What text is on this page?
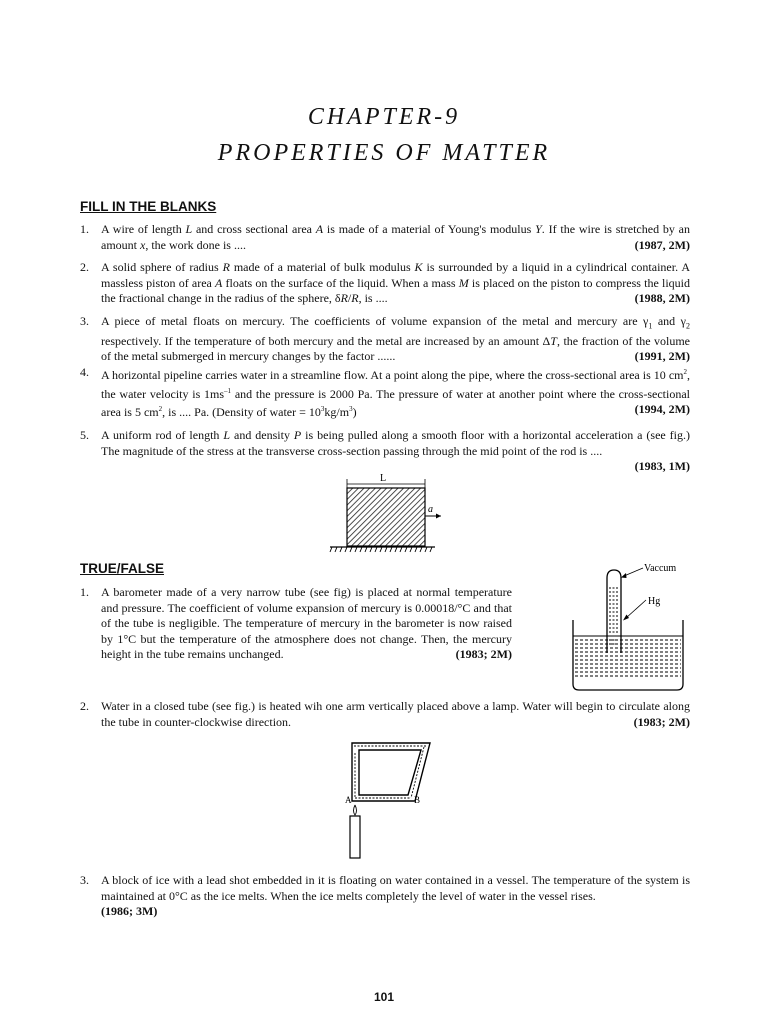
CHAPTER-9
PROPERTIES OF MATTER
FILL IN THE BLANKS
1. A wire of length L and cross sectional area A is made of a material of Young's modulus Y. If the wire is stretched by an amount x, the work done is ....	(1987, 2M)
2. A solid sphere of radius R made of a material of bulk modulus K is surrounded by a liquid in a cylindrical container. A massless piston of area A floats on the surface of the liquid. When a mass M is placed on the piston to compress the liquid the fractional change in the radius of the sphere, δR/R, is ....	(1988, 2M)
3. A piece of metal floats on mercury. The coefficients of volume expansion of the metal and mercury are $\gamma_1$ and $\gamma_2$ respectively. If the temperature of both mercury and the metal are increased by an amount ΔT, the fraction of the volume of the metal submerged in mercury changes by the factor ......	(1991, 2M)
4. A horizontal pipeline carries water in a streamline flow. At a point along the pipe, where the cross-sectional area is 10 $cm^2$, the water velocity is $1ms^{-1}$ and the pressure is 2000 Pa. The pressure of water at another point where the cross-sectional area is 5 $cm^2$, is .... Pa. (Density of water = $10^3kg/m^3$)	(1994, 2M)
5. A uniform rod of length L and density P is being pulled along a smooth floor with a horizontal acceleration a (see fig.) The magnitude of the stress at the transverse cross-section passing through the mid point of the rod is ....

(1983, 1M)
L
a
TRUE/FALSE
1. A barometer made of a very narrow tube (see fig) is placed at normal temperature and pressure. The coefficient of volume expansion of mercury is 0.00018/°C and that of the tube is negligible. The temperature of mercury in the barometer is now raised by 1°C but the temperature of the atmosphere does not change. Then, the mercury height in the tube remains unchanged.	(1983; 2M)
Vaccum
Hg
2. Water in a closed tube (see fig.) is heated wih one arm vertically placed above a lamp. Water will begin to circulate along the tube in counter-clockwise direction.	(1983; 2M)
A	B
3. A block of ice with a lead shot embedded in it is floating on water contained in a vessel. The temperature of the system is maintained at 0°C as the ice melts. When the ice melts completely the level of water in the vessel rises.
(1986; 3M)
101
